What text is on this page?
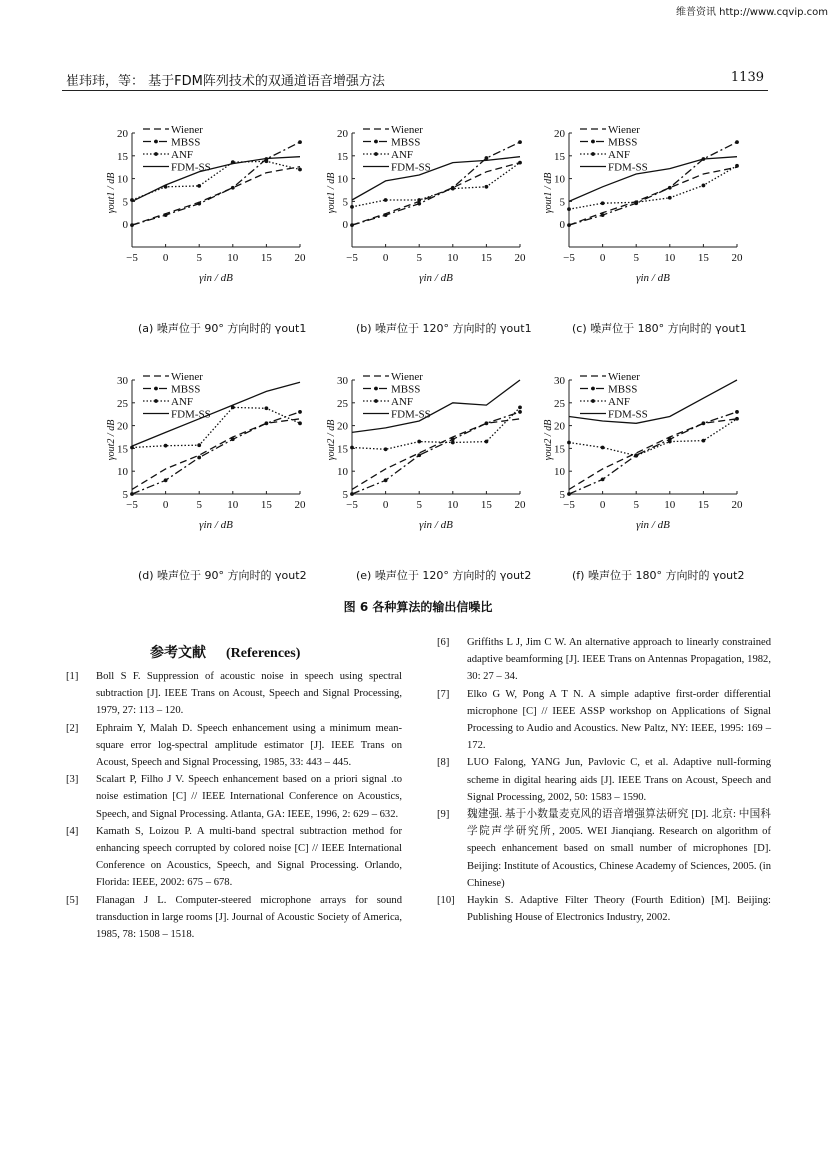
维普资讯 http://www.cqvip.com
崔玮玮，等： 基于FDM阵列技术的双通道语音增强方法	1139
−5 0	5 10 15 20
0
5
10
15
20
γin / dB
γout1 / dB
Wiener
MBSS
ANF
FDM-SS
−5 0	5 10 15 20
0
5
10
15
20
γin / dB
γout1 / dB
Wiener
MBSS
ANF
FDM-SS
−5 0	5 10 15 20
0
5
10
15
20
γin / dB
γout1 / dB
Wiener
MBSS
ANF
FDM-SS
−5 0	5 10 15 20
5
10
15
20
25
30
γin / dB
γout2 / dB
Wiener
MBSS
ANF
FDM-SS
−5 0	5 10 15 20
5
10
15
20
25
30
γin / dB
γout2 / dB
Wiener
MBSS
ANF
FDM-SS
−5 0	5 10 15 20
5
10
15
20
25
30
γin / dB
γout2 / dB
Wiener
MBSS
ANF
FDM-SS
(a) 噪声位于 90° 方向时的 γout1	(b) 噪声位于 120° 方向时的 γout1	(c) 噪声位于 180° 方向时的 γout1
(d) 噪声位于 90° 方向时的 γout2	(e) 噪声位于 120° 方向时的 γout2	(f) 噪声位于 180° 方向时的 γout2
图 6 各种算法的输出信噪比
参考文献 (References)
[1] Boll S F. Suppression of acoustic noise in speech using spectral subtraction [J]. IEEE Trans on Acoust, Speech and Signal Processing, 1979, 27: 113 – 120.
[2] Ephraim Y, Malah D. Speech enhancement using a minimum mean-square error log-spectral amplitude estimator [J]. IEEE Trans on Acoust, Speech and Signal Processing, 1985, 33: 443 – 445.
[3] Scalart P, Filho J V. Speech enhancement based on a priori signal .to noise estimation [C] // IEEE International Conference on Acoustics, Speech, and Signal Processing. Atlanta, GA: IEEE, 1996, 2: 629 – 632.
[4] Kamath S, Loizou P. A multi-band spectral subtraction method for enhancing speech corrupted by colored noise [C] // IEEE International Conference on Acoustics, Speech, and Signal Processing. Orlando, Florida: IEEE, 2002: 675 – 678.
[5] Flanagan J L. Computer-steered microphone arrays for sound transduction in large rooms [J]. Journal of Acoustic Society of America, 1985, 78: 1508 – 1518.
[6] Griffiths L J, Jim C W. An alternative approach to linearly constrained adaptive beamforming [J]. IEEE Trans on Antennas Propagation, 1982, 30: 27 – 34.
[7] Elko G W, Pong A T N. A simple adaptive first-order differential microphone [C] // IEEE ASSP workshop on Applications of Signal Processing to Audio and Acoustics. New Paltz, NY: IEEE, 1995: 169 – 172.
[8] LUO Falong, YANG Jun, Pavlovic C, et al. Adaptive null-forming scheme in digital hearing aids [J]. IEEE Trans on Acoust, Speech and Signal Processing, 2002, 50: 1583 – 1590.
[9] 魏建强. 基于小数量麦克风的语音增强算法研究 [D]. 北京: 中国科学院声学研究所, 2005. WEI Jianqiang. Research on algorithm of speech enhancement based on small number of microphones [D]. Beijing: Institute of Acoustics, Chinese Academy of Sciences, 2005. (in Chinese)
[10] Haykin S. Adaptive Filter Theory (Fourth Edition) [M]. Beijing: Publishing House of Electronics Industry, 2002.
